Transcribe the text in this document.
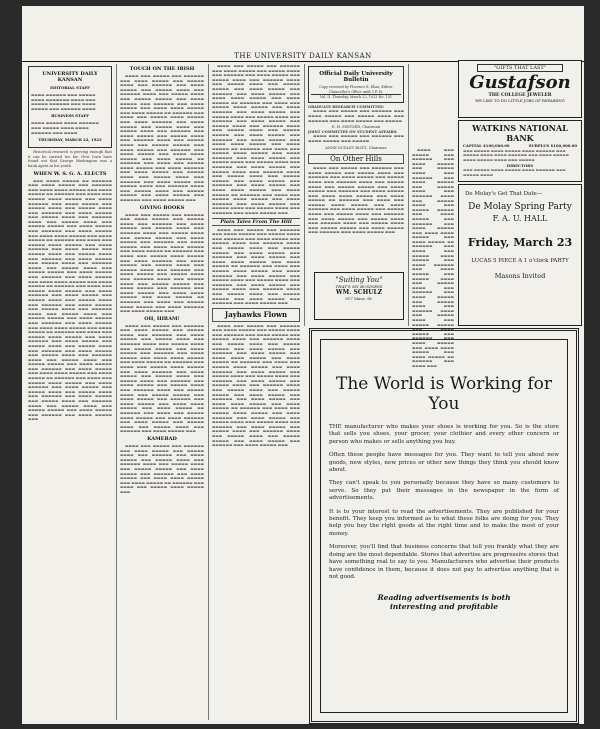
THE UNIVERSITY DAILY KANSAN
UNIVERSITY DAILY KANSAN
EDITORIAL STAFF
▬▬▬▬ ▬▬▬▬▬▬ ▬▬▬ ▬▬▬▬▬ ▬▬▬▬ ▬▬▬▬▬▬▬ ▬▬▬▬ ▬▬▬ ▬▬▬▬▬ ▬▬▬▬▬▬ ▬▬▬ ▬▬▬▬ ▬▬▬▬▬ ▬▬▬ ▬▬▬▬▬▬ ▬▬▬▬
BUSINESS STAFF
▬▬▬▬ ▬▬▬▬▬ ▬▬▬▬ ▬▬▬▬▬▬ ▬▬▬ ▬▬▬▬▬ ▬▬▬▬ ▬▬▬▬ ▬▬▬▬▬▬ ▬▬▬ ▬▬▬▬
THURSDAY, MARCH 22, 1923

Historical research is proving enough that it can be carried too far. New Iowa have found out that George Washington was a bank agent in his youth.

WHEN W. S. G. A. ELECTS

▬▬▬ ▬▬▬▬ ▬▬▬▬▬ ▬▬ ▬▬▬▬▬▬ ▬▬▬ ▬▬▬▬ ▬▬▬▬▬ ▬▬▬ ▬▬▬▬▬▬ ▬▬▬ ▬▬▬▬ ▬▬▬▬ ▬▬▬▬▬ ▬▬▬ ▬▬▬▬ ▬▬▬▬▬ ▬▬ ▬▬▬▬▬▬ ▬▬▬ ▬▬▬▬ ▬▬▬ ▬▬▬▬▬ ▬▬▬▬ ▬▬▬▬▬ ▬▬▬ ▬▬▬▬ ▬▬▬▬▬▬ ▬▬▬ ▬▬▬▬ ▬▬▬▬▬ ▬▬▬ ▬▬▬▬▬ ▬▬▬▬ ▬▬▬ ▬▬▬▬▬ ▬▬▬▬ ▬▬▬ ▬▬▬▬▬▬ ▬▬▬ ▬▬▬▬ ▬▬▬▬▬ ▬▬▬ ▬▬▬▬▬ ▬▬▬▬ ▬▬▬ ▬▬▬▬▬▬ ▬▬▬▬ ▬▬▬ ▬▬▬▬▬ ▬▬▬▬ ▬▬▬ ▬▬▬▬▬ ▬▬▬▬▬ ▬▬▬ ▬▬▬▬ ▬▬▬▬▬ ▬▬▬ ▬▬▬▬▬▬ ▬▬▬ ▬▬▬▬ ▬▬▬▬▬ ▬▬▬ ▬▬▬▬ ▬▬▬▬ ▬▬▬▬▬ ▬▬▬ ▬▬▬▬ ▬▬▬▬▬ ▬▬ ▬▬▬▬▬▬ ▬▬▬ ▬▬▬▬ ▬▬▬ ▬▬▬▬▬ ▬▬▬▬ ▬▬▬▬▬ ▬▬▬ ▬▬▬▬ ▬▬▬▬▬▬ ▬▬▬ ▬▬▬▬ ▬▬▬▬▬ ▬▬▬ ▬▬▬▬▬ ▬▬▬▬ ▬▬▬ ▬▬▬▬▬ ▬▬▬▬ ▬▬▬ ▬▬▬▬▬▬ ▬▬▬ ▬▬▬▬ ▬▬▬▬▬ ▬▬▬ ▬▬▬▬▬ ▬▬▬▬ ▬▬▬ ▬▬▬▬▬▬ ▬▬▬▬ ▬▬▬ ▬▬▬▬▬ ▬▬▬▬ ▬▬▬ ▬▬▬▬▬ ▬▬▬▬▬ ▬▬▬ ▬▬▬▬ ▬▬▬▬▬ ▬▬▬ ▬▬▬▬▬▬ ▬▬▬ ▬▬▬▬ ▬▬▬▬▬ ▬▬▬ ▬▬▬▬ ▬▬▬▬ ▬▬▬▬▬ ▬▬▬ ▬▬▬▬ ▬▬▬▬▬ ▬▬ ▬▬▬▬▬▬ ▬▬▬ ▬▬▬▬ ▬▬▬ ▬▬▬▬▬ ▬▬▬▬ ▬▬▬▬▬ ▬▬▬ ▬▬▬▬ ▬▬▬▬▬▬ ▬▬▬ ▬▬▬▬ ▬▬▬▬▬ ▬▬▬ ▬▬▬▬▬ ▬▬▬▬ ▬▬▬ ▬▬▬▬▬ ▬▬▬▬ ▬▬▬ ▬▬▬▬▬▬ ▬▬▬ ▬▬▬▬ ▬▬▬▬▬ ▬▬▬ ▬▬▬▬▬ ▬▬▬▬ ▬▬▬ ▬▬▬▬▬▬ ▬▬▬▬ ▬▬▬ ▬▬▬▬▬ ▬▬▬▬ ▬▬▬ ▬▬▬▬▬ ▬▬▬▬▬ ▬▬▬ ▬▬▬▬ ▬▬▬▬▬ ▬▬▬ ▬▬▬▬▬▬ ▬▬▬ ▬▬▬▬ ▬▬▬▬▬ ▬▬▬ ▬▬▬▬ ▬▬▬▬ ▬▬▬▬▬ ▬▬▬ ▬▬▬▬ ▬▬▬▬▬ ▬▬ ▬▬▬▬▬▬ ▬▬▬ ▬▬▬▬ ▬▬▬ ▬▬▬▬▬ ▬▬▬▬ ▬▬▬▬▬ ▬▬▬ ▬▬▬▬ ▬▬▬▬▬▬ ▬▬▬ ▬▬▬▬ ▬▬▬▬▬ ▬▬▬ ▬▬▬▬▬ ▬▬▬▬ ▬▬▬ ▬▬▬▬▬ ▬▬▬▬ ▬▬▬ ▬▬▬▬▬▬ ▬▬▬ ▬▬▬▬ ▬▬▬▬▬ ▬▬▬ ▬▬▬▬▬ ▬▬▬▬ ▬▬▬ ▬▬▬▬▬▬ ▬▬▬▬ ▬▬▬ ▬▬▬▬▬ ▬▬▬▬ ▬▬▬ ▬▬▬▬▬ ▬▬▬▬▬ ▬▬▬ ▬▬▬▬ ▬▬▬▬▬ ▬▬▬ ▬▬▬▬▬▬ ▬▬▬ ▬▬▬▬ ▬▬▬▬▬ ▬▬▬ ▬▬▬▬ ▬▬▬▬ ▬▬▬▬▬ ▬▬▬ ▬▬▬▬ ▬▬▬▬▬ ▬▬ ▬▬▬▬▬▬ ▬▬▬ ▬▬▬▬ ▬▬▬ ▬▬▬▬▬ ▬▬▬▬ ▬▬▬▬▬ ▬▬▬ ▬▬▬▬ ▬▬▬▬▬▬ ▬▬▬ ▬▬▬▬ ▬▬▬▬▬ ▬▬▬ ▬▬▬▬▬ ▬▬▬▬ ▬▬▬ ▬▬▬▬▬ ▬▬▬▬ ▬▬▬ ▬▬▬▬▬▬ ▬▬▬ ▬▬▬▬ ▬▬▬▬▬ ▬▬▬ ▬▬▬▬▬ ▬▬▬▬ ▬▬▬ ▬▬▬▬▬▬ ▬▬▬▬ ▬▬▬ ▬▬▬▬▬ ▬▬▬▬ ▬▬▬ ▬▬▬▬▬ ▬▬▬▬▬ ▬▬▬ ▬▬▬▬ ▬▬▬▬▬ ▬▬▬ ▬▬▬▬▬▬ ▬▬▬ ▬▬▬▬ ▬▬▬▬▬ ▬▬▬

TOUCH ON THE IRISH

▬▬▬▬ ▬▬▬ ▬▬▬▬▬ ▬▬▬ ▬▬▬▬▬▬ ▬▬▬ ▬▬▬▬ ▬▬▬▬▬ ▬▬▬ ▬▬▬▬▬ ▬▬▬▬ ▬▬▬ ▬▬▬▬▬▬ ▬▬▬ ▬▬▬▬ ▬▬▬▬▬ ▬▬▬ ▬▬▬▬▬ ▬▬▬▬ ▬▬▬ ▬▬▬▬▬▬ ▬▬▬▬ ▬▬▬ ▬▬▬▬▬ ▬▬▬▬ ▬▬▬ ▬▬▬▬▬ ▬▬▬▬▬ ▬▬▬ ▬▬▬▬ ▬▬▬▬▬ ▬▬▬ ▬▬▬▬▬▬ ▬▬▬ ▬▬▬▬ ▬▬▬▬▬ ▬▬▬ ▬▬▬▬ ▬▬▬▬ ▬▬▬▬▬ ▬▬▬ ▬▬▬▬ ▬▬▬▬▬ ▬▬ ▬▬▬▬▬▬ ▬▬▬ ▬▬▬▬ ▬▬▬ ▬▬▬▬▬ ▬▬▬▬ ▬▬▬▬▬ ▬▬▬ ▬▬▬▬ ▬▬▬▬▬▬ ▬▬▬ ▬▬▬▬ ▬▬▬▬▬ ▬▬▬ ▬▬▬▬▬ ▬▬▬▬ ▬▬▬ ▬▬▬▬▬ ▬▬▬▬ ▬▬▬ ▬▬▬▬▬▬ ▬▬▬ ▬▬▬▬ ▬▬▬▬▬ ▬▬▬ ▬▬▬▬▬ ▬▬▬▬ ▬▬▬ ▬▬▬▬▬▬ ▬▬▬▬ ▬▬▬ ▬▬▬▬▬ ▬▬▬▬ ▬▬▬ ▬▬▬▬▬ ▬▬▬▬▬ ▬▬▬ ▬▬▬▬ ▬▬▬▬▬ ▬▬▬ ▬▬▬▬▬▬ ▬▬▬ ▬▬▬▬ ▬▬▬▬▬ ▬▬▬ ▬▬▬▬ ▬▬▬▬ ▬▬▬▬▬ ▬▬▬ ▬▬▬▬ ▬▬▬▬▬ ▬▬ ▬▬▬▬▬▬ ▬▬▬ ▬▬▬▬ ▬▬▬ ▬▬▬▬▬ ▬▬▬▬ ▬▬▬▬▬ ▬▬▬ ▬▬▬▬ ▬▬▬▬▬▬ ▬▬▬ ▬▬▬▬ ▬▬▬▬▬ ▬▬▬ ▬▬▬▬▬ ▬▬▬▬ ▬▬▬ ▬▬▬▬▬ ▬▬▬▬ ▬▬▬ ▬▬▬▬▬▬ ▬▬▬ ▬▬▬▬ ▬▬▬▬▬ ▬▬▬ ▬▬▬▬▬ ▬▬▬▬ ▬▬▬ ▬▬▬▬▬▬ ▬▬▬▬ ▬▬▬ ▬▬▬▬▬ ▬▬▬▬ ▬▬▬ ▬▬▬▬▬ ▬▬▬▬▬ ▬▬▬ ▬▬▬▬ ▬▬▬▬▬ ▬▬▬ ▬▬▬▬▬▬ ▬▬▬ ▬▬▬▬ ▬▬▬▬▬ ▬▬▬

GIVING BOOKS

▬▬▬▬ ▬▬▬ ▬▬▬▬▬ ▬▬▬ ▬▬▬▬▬▬ ▬▬▬ ▬▬▬▬ ▬▬▬▬▬ ▬▬▬ ▬▬▬▬▬ ▬▬▬▬ ▬▬▬ ▬▬▬▬▬▬ ▬▬▬ ▬▬▬▬ ▬▬▬▬▬ ▬▬▬ ▬▬▬▬▬ ▬▬▬▬ ▬▬▬ ▬▬▬▬▬▬ ▬▬▬▬ ▬▬▬ ▬▬▬▬▬ ▬▬▬▬ ▬▬▬ ▬▬▬▬▬ ▬▬▬▬▬ ▬▬▬ ▬▬▬▬ ▬▬▬▬▬ ▬▬▬ ▬▬▬▬▬▬ ▬▬▬ ▬▬▬▬ ▬▬▬▬▬ ▬▬▬ ▬▬▬▬ ▬▬▬▬ ▬▬▬▬▬ ▬▬▬ ▬▬▬▬ ▬▬▬▬▬ ▬▬ ▬▬▬▬▬▬ ▬▬▬ ▬▬▬▬ ▬▬▬ ▬▬▬▬▬ ▬▬▬▬ ▬▬▬▬▬ ▬▬▬ ▬▬▬▬ ▬▬▬▬▬▬ ▬▬▬ ▬▬▬▬ ▬▬▬▬▬ ▬▬▬ ▬▬▬▬▬ ▬▬▬▬ ▬▬▬ ▬▬▬▬▬ ▬▬▬▬ ▬▬▬ ▬▬▬▬▬▬ ▬▬▬ ▬▬▬▬ ▬▬▬▬▬ ▬▬▬ ▬▬▬▬▬ ▬▬▬▬ ▬▬▬ ▬▬▬▬▬▬ ▬▬▬▬ ▬▬▬ ▬▬▬▬▬ ▬▬▬▬ ▬▬▬ ▬▬▬▬▬ ▬▬▬▬▬ ▬▬▬ ▬▬▬▬ ▬▬▬▬▬ ▬▬▬ ▬▬▬▬▬▬ ▬▬▬ ▬▬▬▬ ▬▬▬▬▬ ▬▬▬ ▬▬▬▬ ▬▬▬▬ ▬▬▬▬▬ ▬▬▬ ▬▬▬▬ ▬▬▬▬▬ ▬▬ ▬▬▬▬▬▬ ▬▬▬ ▬▬▬▬ ▬▬▬ ▬▬▬▬▬ ▬▬▬▬ ▬▬▬▬▬ ▬▬▬ ▬▬▬▬ ▬▬▬▬▬▬ ▬▬▬ ▬▬▬▬ ▬▬▬▬▬ ▬▬▬

OH, HIRAM!

▬▬▬▬ ▬▬▬ ▬▬▬▬▬ ▬▬▬ ▬▬▬▬▬▬ ▬▬▬ ▬▬▬▬ ▬▬▬▬▬ ▬▬▬ ▬▬▬▬▬ ▬▬▬▬ ▬▬▬ ▬▬▬▬▬▬ ▬▬▬ ▬▬▬▬ ▬▬▬▬▬ ▬▬▬ ▬▬▬▬▬ ▬▬▬▬ ▬▬▬ ▬▬▬▬▬▬ ▬▬▬▬ ▬▬▬ ▬▬▬▬▬ ▬▬▬▬ ▬▬▬ ▬▬▬▬▬ ▬▬▬▬▬ ▬▬▬ ▬▬▬▬ ▬▬▬▬▬ ▬▬▬ ▬▬▬▬▬▬ ▬▬▬ ▬▬▬▬ ▬▬▬▬▬ ▬▬▬ ▬▬▬▬ ▬▬▬▬ ▬▬▬▬▬ ▬▬▬ ▬▬▬▬ ▬▬▬▬▬ ▬▬ ▬▬▬▬▬▬ ▬▬▬ ▬▬▬▬ ▬▬▬ ▬▬▬▬▬ ▬▬▬▬ ▬▬▬▬▬ ▬▬▬ ▬▬▬▬ ▬▬▬▬▬▬ ▬▬▬ ▬▬▬▬ ▬▬▬▬▬ ▬▬▬ ▬▬▬▬▬ ▬▬▬▬ ▬▬▬ ▬▬▬▬▬ ▬▬▬▬ ▬▬▬ ▬▬▬▬▬▬ ▬▬▬ ▬▬▬▬ ▬▬▬▬▬ ▬▬▬ ▬▬▬▬▬ ▬▬▬▬ ▬▬▬ ▬▬▬▬▬▬ ▬▬▬▬ ▬▬▬ ▬▬▬▬▬ ▬▬▬▬ ▬▬▬ ▬▬▬▬▬ ▬▬▬▬▬ ▬▬▬ ▬▬▬▬ ▬▬▬▬▬ ▬▬▬ ▬▬▬▬▬▬ ▬▬▬ ▬▬▬▬ ▬▬▬▬▬ ▬▬▬ ▬▬▬▬ ▬▬▬▬ ▬▬▬▬▬ ▬▬▬ ▬▬▬▬ ▬▬▬▬▬ ▬▬ ▬▬▬▬▬▬ ▬▬▬ ▬▬▬▬ ▬▬▬ ▬▬▬▬▬ ▬▬▬▬ ▬▬▬▬▬ ▬▬▬ ▬▬▬▬ ▬▬▬▬▬▬ ▬▬▬ ▬▬▬▬ ▬▬▬▬▬ ▬▬▬ ▬▬▬▬▬ ▬▬▬▬ ▬▬▬ ▬▬▬▬▬ ▬▬▬▬ ▬▬▬ ▬▬▬▬▬▬ ▬▬▬ ▬▬▬▬ ▬▬▬▬▬ ▬▬▬

KAMERAD

▬▬▬▬ ▬▬▬ ▬▬▬▬▬ ▬▬▬ ▬▬▬▬▬▬ ▬▬▬ ▬▬▬▬ ▬▬▬▬▬ ▬▬▬ ▬▬▬▬▬ ▬▬▬▬ ▬▬▬ ▬▬▬▬▬▬ ▬▬▬ ▬▬▬▬ ▬▬▬▬▬ ▬▬▬ ▬▬▬▬▬ ▬▬▬▬ ▬▬▬ ▬▬▬▬▬▬ ▬▬▬▬ ▬▬▬ ▬▬▬▬▬ ▬▬▬▬ ▬▬▬ ▬▬▬▬▬ ▬▬▬▬▬ ▬▬▬ ▬▬▬▬ ▬▬▬▬▬ ▬▬▬ ▬▬▬▬▬▬ ▬▬▬ ▬▬▬▬ ▬▬▬▬▬ ▬▬▬ ▬▬▬▬ ▬▬▬▬ ▬▬▬▬▬ ▬▬▬ ▬▬▬▬ ▬▬▬▬▬ ▬▬ ▬▬▬▬▬▬ ▬▬▬ ▬▬▬▬ ▬▬▬ ▬▬▬▬▬ ▬▬▬▬ ▬▬▬▬▬ ▬▬▬

▬▬▬▬ ▬▬▬ ▬▬▬▬▬ ▬▬▬ ▬▬▬▬▬▬ ▬▬▬ ▬▬▬▬ ▬▬▬▬▬ ▬▬▬ ▬▬▬▬▬ ▬▬▬▬ ▬▬▬ ▬▬▬▬▬▬ ▬▬▬ ▬▬▬▬ ▬▬▬▬▬ ▬▬▬ ▬▬▬▬▬ ▬▬▬▬ ▬▬▬ ▬▬▬▬▬▬ ▬▬▬▬ ▬▬▬ ▬▬▬▬▬ ▬▬▬▬ ▬▬▬ ▬▬▬▬▬ ▬▬▬▬▬ ▬▬▬ ▬▬▬▬ ▬▬▬▬▬ ▬▬▬ ▬▬▬▬▬▬ ▬▬▬ ▬▬▬▬ ▬▬▬▬▬ ▬▬▬ ▬▬▬▬ ▬▬▬▬ ▬▬▬▬▬ ▬▬▬ ▬▬▬▬ ▬▬▬▬▬ ▬▬ ▬▬▬▬▬▬ ▬▬▬ ▬▬▬▬ ▬▬▬ ▬▬▬▬▬ ▬▬▬▬ ▬▬▬▬▬ ▬▬▬ ▬▬▬▬ ▬▬▬▬▬▬ ▬▬▬ ▬▬▬▬ ▬▬▬▬▬ ▬▬▬ ▬▬▬▬▬ ▬▬▬▬ ▬▬▬ ▬▬▬▬▬ ▬▬▬▬ ▬▬▬ ▬▬▬▬▬▬ ▬▬▬ ▬▬▬▬ ▬▬▬▬▬ ▬▬▬ ▬▬▬▬▬ ▬▬▬▬ ▬▬▬ ▬▬▬▬▬▬ ▬▬▬▬ ▬▬▬ ▬▬▬▬▬ ▬▬▬▬ ▬▬▬ ▬▬▬▬▬ ▬▬▬▬▬ ▬▬▬ ▬▬▬▬ ▬▬▬▬▬ ▬▬▬ ▬▬▬▬▬▬ ▬▬▬ ▬▬▬▬ ▬▬▬▬▬ ▬▬▬ ▬▬▬▬ ▬▬▬▬ ▬▬▬▬▬ ▬▬▬ ▬▬▬▬ ▬▬▬▬▬ ▬▬ ▬▬▬▬▬▬ ▬▬▬ ▬▬▬▬ ▬▬▬ ▬▬▬▬▬ ▬▬▬▬ ▬▬▬▬▬ ▬▬▬ ▬▬▬▬ ▬▬▬▬▬▬ ▬▬▬ ▬▬▬▬ ▬▬▬▬▬ ▬▬▬ ▬▬▬▬▬ ▬▬▬▬ ▬▬▬ ▬▬▬▬▬ ▬▬▬▬ ▬▬▬ ▬▬▬▬▬▬ ▬▬▬ ▬▬▬▬ ▬▬▬▬▬ ▬▬▬ ▬▬▬▬▬ ▬▬▬▬ ▬▬▬ ▬▬▬▬▬▬ ▬▬▬▬ ▬▬▬ ▬▬▬▬▬ ▬▬▬▬ ▬▬▬ ▬▬▬▬▬ ▬▬▬▬▬ ▬▬▬ ▬▬▬▬ ▬▬▬▬▬ ▬▬▬ ▬▬▬▬▬▬ ▬▬▬ ▬▬▬▬ ▬▬▬▬▬ ▬▬▬ ▬▬▬▬ ▬▬▬▬ ▬▬▬▬▬ ▬▬▬ ▬▬▬▬ ▬▬▬▬▬ ▬▬ ▬▬▬▬▬▬ ▬▬▬ ▬▬▬▬ ▬▬▬ ▬▬▬▬▬ ▬▬▬▬ ▬▬▬▬▬ ▬▬▬ ▬▬▬▬ ▬▬▬▬▬▬ ▬▬▬ ▬▬▬▬ ▬▬▬▬▬ ▬▬▬ ▬▬▬▬▬ ▬▬▬▬ ▬▬▬ ▬▬▬▬▬ ▬▬▬▬ ▬▬▬ ▬▬▬▬▬▬ ▬▬▬ ▬▬▬▬ ▬▬▬▬▬ ▬▬▬

Plain Tales From The Hill

▬▬▬▬ ▬▬▬ ▬▬▬▬▬ ▬▬▬ ▬▬▬▬▬▬ ▬▬▬ ▬▬▬▬ ▬▬▬▬▬ ▬▬▬ ▬▬▬▬▬ ▬▬▬▬ ▬▬▬ ▬▬▬▬▬▬ ▬▬▬ ▬▬▬▬ ▬▬▬▬▬ ▬▬▬ ▬▬▬▬▬ ▬▬▬▬ ▬▬▬ ▬▬▬▬▬▬ ▬▬▬▬ ▬▬▬ ▬▬▬▬▬ ▬▬▬▬ ▬▬▬ ▬▬▬▬▬ ▬▬▬▬▬ ▬▬▬ ▬▬▬▬ ▬▬▬▬▬ ▬▬▬ ▬▬▬▬▬▬ ▬▬▬ ▬▬▬▬ ▬▬▬▬▬ ▬▬▬ ▬▬▬▬ ▬▬▬▬ ▬▬▬▬▬ ▬▬▬ ▬▬▬▬ ▬▬▬▬▬ ▬▬ ▬▬▬▬▬▬ ▬▬▬ ▬▬▬▬ ▬▬▬ ▬▬▬▬▬ ▬▬▬▬ ▬▬▬▬▬ ▬▬▬ ▬▬▬▬ ▬▬▬▬▬▬ ▬▬▬ ▬▬▬▬ ▬▬▬▬▬ ▬▬▬ ▬▬▬▬▬ ▬▬▬▬ ▬▬▬ ▬▬▬▬▬ ▬▬▬▬ ▬▬▬ ▬▬▬▬▬▬ ▬▬▬ ▬▬▬▬ ▬▬▬▬▬ ▬▬▬ ▬▬▬▬▬ ▬▬▬▬ ▬▬▬ ▬▬▬▬▬▬ ▬▬▬▬ ▬▬▬ ▬▬▬▬▬ ▬▬▬▬ ▬▬▬ ▬▬▬▬▬ ▬▬▬▬▬ ▬▬▬ ▬▬▬▬ ▬▬▬▬▬ ▬▬▬ ▬▬▬▬▬▬ ▬▬▬ ▬▬▬▬ ▬▬▬▬▬ ▬▬▬

Jayhawks Flown

▬▬▬▬ ▬▬▬ ▬▬▬▬▬ ▬▬▬ ▬▬▬▬▬▬ ▬▬▬ ▬▬▬▬ ▬▬▬▬▬ ▬▬▬ ▬▬▬▬▬ ▬▬▬▬ ▬▬▬ ▬▬▬▬▬▬ ▬▬▬ ▬▬▬▬ ▬▬▬▬▬ ▬▬▬ ▬▬▬▬▬ ▬▬▬▬ ▬▬▬ ▬▬▬▬▬▬ ▬▬▬▬ ▬▬▬ ▬▬▬▬▬ ▬▬▬▬ ▬▬▬ ▬▬▬▬▬ ▬▬▬▬▬ ▬▬▬ ▬▬▬▬ ▬▬▬▬▬ ▬▬▬ ▬▬▬▬▬▬ ▬▬▬ ▬▬▬▬ ▬▬▬▬▬ ▬▬▬ ▬▬▬▬ ▬▬▬▬ ▬▬▬▬▬ ▬▬▬ ▬▬▬▬ ▬▬▬▬▬ ▬▬ ▬▬▬▬▬▬ ▬▬▬ ▬▬▬▬ ▬▬▬ ▬▬▬▬▬ ▬▬▬▬ ▬▬▬▬▬ ▬▬▬ ▬▬▬▬ ▬▬▬▬▬▬ ▬▬▬ ▬▬▬▬ ▬▬▬▬▬ ▬▬▬ ▬▬▬▬▬ ▬▬▬▬ ▬▬▬ ▬▬▬▬▬ ▬▬▬▬ ▬▬▬ ▬▬▬▬▬▬ ▬▬▬ ▬▬▬▬ ▬▬▬▬▬ ▬▬▬ ▬▬▬▬▬ ▬▬▬▬ ▬▬▬ ▬▬▬▬▬▬ ▬▬▬▬ ▬▬▬ ▬▬▬▬▬ ▬▬▬▬ ▬▬▬ ▬▬▬▬▬ ▬▬▬▬▬ ▬▬▬ ▬▬▬▬ ▬▬▬▬▬ ▬▬▬ ▬▬▬▬▬▬ ▬▬▬ ▬▬▬▬ ▬▬▬▬▬ ▬▬▬ ▬▬▬▬ ▬▬▬▬ ▬▬▬▬▬ ▬▬▬ ▬▬▬▬ ▬▬▬▬▬ ▬▬ ▬▬▬▬▬▬ ▬▬▬ ▬▬▬▬ ▬▬▬ ▬▬▬▬▬ ▬▬▬▬ ▬▬▬▬▬ ▬▬▬ ▬▬▬▬ ▬▬▬▬▬▬ ▬▬▬ ▬▬▬▬ ▬▬▬▬▬ ▬▬▬ ▬▬▬▬▬ ▬▬▬▬ ▬▬▬ ▬▬▬▬▬ ▬▬▬▬ ▬▬▬ ▬▬▬▬▬▬ ▬▬▬ ▬▬▬▬ ▬▬▬▬▬ ▬▬▬ ▬▬▬▬▬ ▬▬▬▬ ▬▬▬ ▬▬▬▬▬▬ ▬▬▬▬ ▬▬▬ ▬▬▬▬▬ ▬▬▬▬ ▬▬▬ ▬▬▬▬▬ ▬▬▬▬▬ ▬▬▬ ▬▬▬▬ ▬▬▬▬▬ ▬▬▬ ▬▬▬▬▬▬ ▬▬▬ ▬▬▬▬ ▬▬▬▬▬ ▬▬▬

Official Daily University Bulletin
Copy received by Florence E. Elias, Editor, Chancellor's Office until 3 P. M.
Vol. II. Thursday, March 22, 1923 No. 131
GRADUATE RESEARCH COMMITTEE:

▬▬▬▬ ▬▬▬ ▬▬▬▬▬ ▬▬▬ ▬▬▬▬▬▬ ▬▬▬ ▬▬▬▬ ▬▬▬▬▬ ▬▬▬ ▬▬▬▬▬ ▬▬▬▬ ▬▬▬ ▬▬▬▬▬▬ ▬▬▬ ▬▬▬▬ ▬▬▬▬▬ ▬▬▬ ▬▬▬▬▬

E. H. SWITZER, Chairman
JOINT COMMITTEE ON STUDENT AFFAIRS:

▬▬▬▬ ▬▬▬ ▬▬▬▬▬ ▬▬▬ ▬▬▬▬▬▬ ▬▬▬ ▬▬▬▬ ▬▬▬▬▬ ▬▬▬ ▬▬▬▬▬

ANNE DUDLEY BLITZ, Chairman
On Other Hills

▬▬▬▬ ▬▬▬ ▬▬▬▬▬ ▬▬▬ ▬▬▬▬▬▬ ▬▬▬ ▬▬▬▬ ▬▬▬▬▬ ▬▬▬ ▬▬▬▬▬ ▬▬▬▬ ▬▬▬ ▬▬▬▬▬▬ ▬▬▬ ▬▬▬▬ ▬▬▬▬▬ ▬▬▬ ▬▬▬▬▬ ▬▬▬▬ ▬▬▬ ▬▬▬▬▬▬ ▬▬▬▬ ▬▬▬ ▬▬▬▬▬ ▬▬▬▬ ▬▬▬ ▬▬▬▬▬ ▬▬▬▬▬ ▬▬▬ ▬▬▬▬ ▬▬▬▬▬ ▬▬▬ ▬▬▬▬▬▬ ▬▬▬ ▬▬▬▬ ▬▬▬▬▬ ▬▬▬ ▬▬▬▬ ▬▬▬▬ ▬▬▬▬▬ ▬▬▬ ▬▬▬▬ ▬▬▬▬▬ ▬▬ ▬▬▬▬▬▬ ▬▬▬ ▬▬▬▬ ▬▬▬ ▬▬▬▬▬ ▬▬▬▬ ▬▬▬▬▬ ▬▬▬ ▬▬▬▬ ▬▬▬▬▬▬ ▬▬▬ ▬▬▬▬ ▬▬▬▬▬ ▬▬▬ ▬▬▬▬▬ ▬▬▬▬ ▬▬▬ ▬▬▬▬▬ ▬▬▬▬ ▬▬▬ ▬▬▬▬▬▬ ▬▬▬ ▬▬▬▬ ▬▬▬▬▬ ▬▬▬ ▬▬▬▬▬ ▬▬▬▬ ▬▬▬ ▬▬▬▬▬▬ ▬▬▬▬ ▬▬▬ ▬▬▬▬▬ ▬▬▬▬ ▬▬▬ ▬▬▬▬▬ ▬▬▬▬▬ ▬▬▬ ▬▬▬▬ ▬▬▬▬▬ ▬▬▬ ▬▬▬▬▬▬ ▬▬▬ ▬▬▬▬ ▬▬▬▬▬ ▬▬▬

▬▬▬▬ ▬▬▬ ▬▬▬▬▬ ▬▬▬ ▬▬▬▬▬▬ ▬▬▬ ▬▬▬▬ ▬▬▬▬▬ ▬▬▬ ▬▬▬▬▬ ▬▬▬▬ ▬▬▬ ▬▬▬▬▬▬ ▬▬▬ ▬▬▬▬ ▬▬▬▬▬ ▬▬▬ ▬▬▬▬▬ ▬▬▬▬ ▬▬▬ ▬▬▬▬▬▬ ▬▬▬▬ ▬▬▬ ▬▬▬▬▬ ▬▬▬▬ ▬▬▬ ▬▬▬▬▬ ▬▬▬▬▬ ▬▬▬ ▬▬▬▬ ▬▬▬▬▬ ▬▬▬ ▬▬▬▬▬▬ ▬▬▬ ▬▬▬▬ ▬▬▬▬▬ ▬▬▬ ▬▬▬▬ ▬▬▬▬ ▬▬▬▬▬ ▬▬▬ ▬▬▬▬ ▬▬▬▬▬ ▬▬ ▬▬▬▬▬▬ ▬▬▬ ▬▬▬▬ ▬▬▬ ▬▬▬▬▬ ▬▬▬▬ ▬▬▬▬▬ ▬▬▬ ▬▬▬▬ ▬▬▬▬▬▬ ▬▬▬ ▬▬▬▬ ▬▬▬▬▬ ▬▬▬ ▬▬▬▬▬ ▬▬▬▬ ▬▬▬ ▬▬▬▬▬ ▬▬▬▬ ▬▬▬ ▬▬▬▬▬▬ ▬▬▬ ▬▬▬▬ ▬▬▬▬▬ ▬▬▬ ▬▬▬▬▬ ▬▬▬▬ ▬▬▬ ▬▬▬▬▬▬ ▬▬▬▬ ▬▬▬ ▬▬▬▬▬ ▬▬▬▬ ▬▬▬ ▬▬▬▬▬ ▬▬▬▬▬ ▬▬▬ ▬▬▬▬ ▬▬▬▬▬ ▬▬▬ ▬▬▬▬▬▬ ▬▬▬ ▬▬▬▬ ▬▬▬▬▬ ▬▬▬ ▬▬▬▬ ▬▬▬▬ ▬▬▬▬▬ ▬▬▬ ▬▬▬▬ ▬▬▬▬▬ ▬▬ ▬▬▬▬▬▬ ▬▬▬ ▬▬▬▬ ▬▬▬

"Suiting You"
THAT'S MY BUSINESS
WM. SCHULZ
917 Mass. St.
"GIFTS THAT LAST"
Gustafson
THE COLLEGE JEWELER
WE LIKE TO DO LITTLE JOBS OF REPAIRING
WATKINS NATIONAL BANK
CAPITAL $100,000.00	SURPLUS $100,000.00
▬▬▬ ▬▬▬▬▬ ▬▬▬▬ ▬▬▬▬▬ ▬▬▬▬ ▬▬▬▬▬▬ ▬▬▬ ▬▬▬▬▬ ▬▬▬▬ ▬▬▬▬ ▬▬▬▬▬▬ ▬▬▬ ▬▬▬▬ ▬▬▬▬▬ ▬▬▬▬ ▬▬▬▬▬ ▬▬▬▬ ▬▬▬ ▬▬▬▬▬
DIRECTORS
▬▬▬ ▬▬▬▬▬ ▬▬▬▬ ▬▬▬▬▬ ▬▬▬▬ ▬▬▬▬▬▬ ▬▬▬ ▬▬▬▬▬ ▬▬▬▬
De Molay's Get That Date—
De Molay Spring Party
F. A. U. HALL
Friday, March 23
LUCAS 5 PIECE A 1 o'clock PARTY
Masons Invited
The World is Working for You

THE manufacturer who makes your shoes is working for you. So is the store that sells you shoes, your grocer, your clothier and every other concern or person who makes or sells anything you buy.

Often these people have messages for you. They want to tell you about new goods, new styles, new prices or other new things they think you should know about.

They can't speak to you personally because they have so many customers to serve. So they put their messages in the newspaper in the form of advertisements.

It is to your interest to read the advertisements. They are published for your benefit. They keep you informed as to what these folks are doing for you. They help you buy the right goods at the right time and to make the most of your money.

Moreover, you'll find that business concerns that tell you frankly what they are doing are the most dependable. Stores that advertise are progressive stores that have something real to say to you. Manufacturers who advertise their products have confidence in them, because it does not pay to advertise anything that is not good.

Reading advertisements is both
interesting and profitable
